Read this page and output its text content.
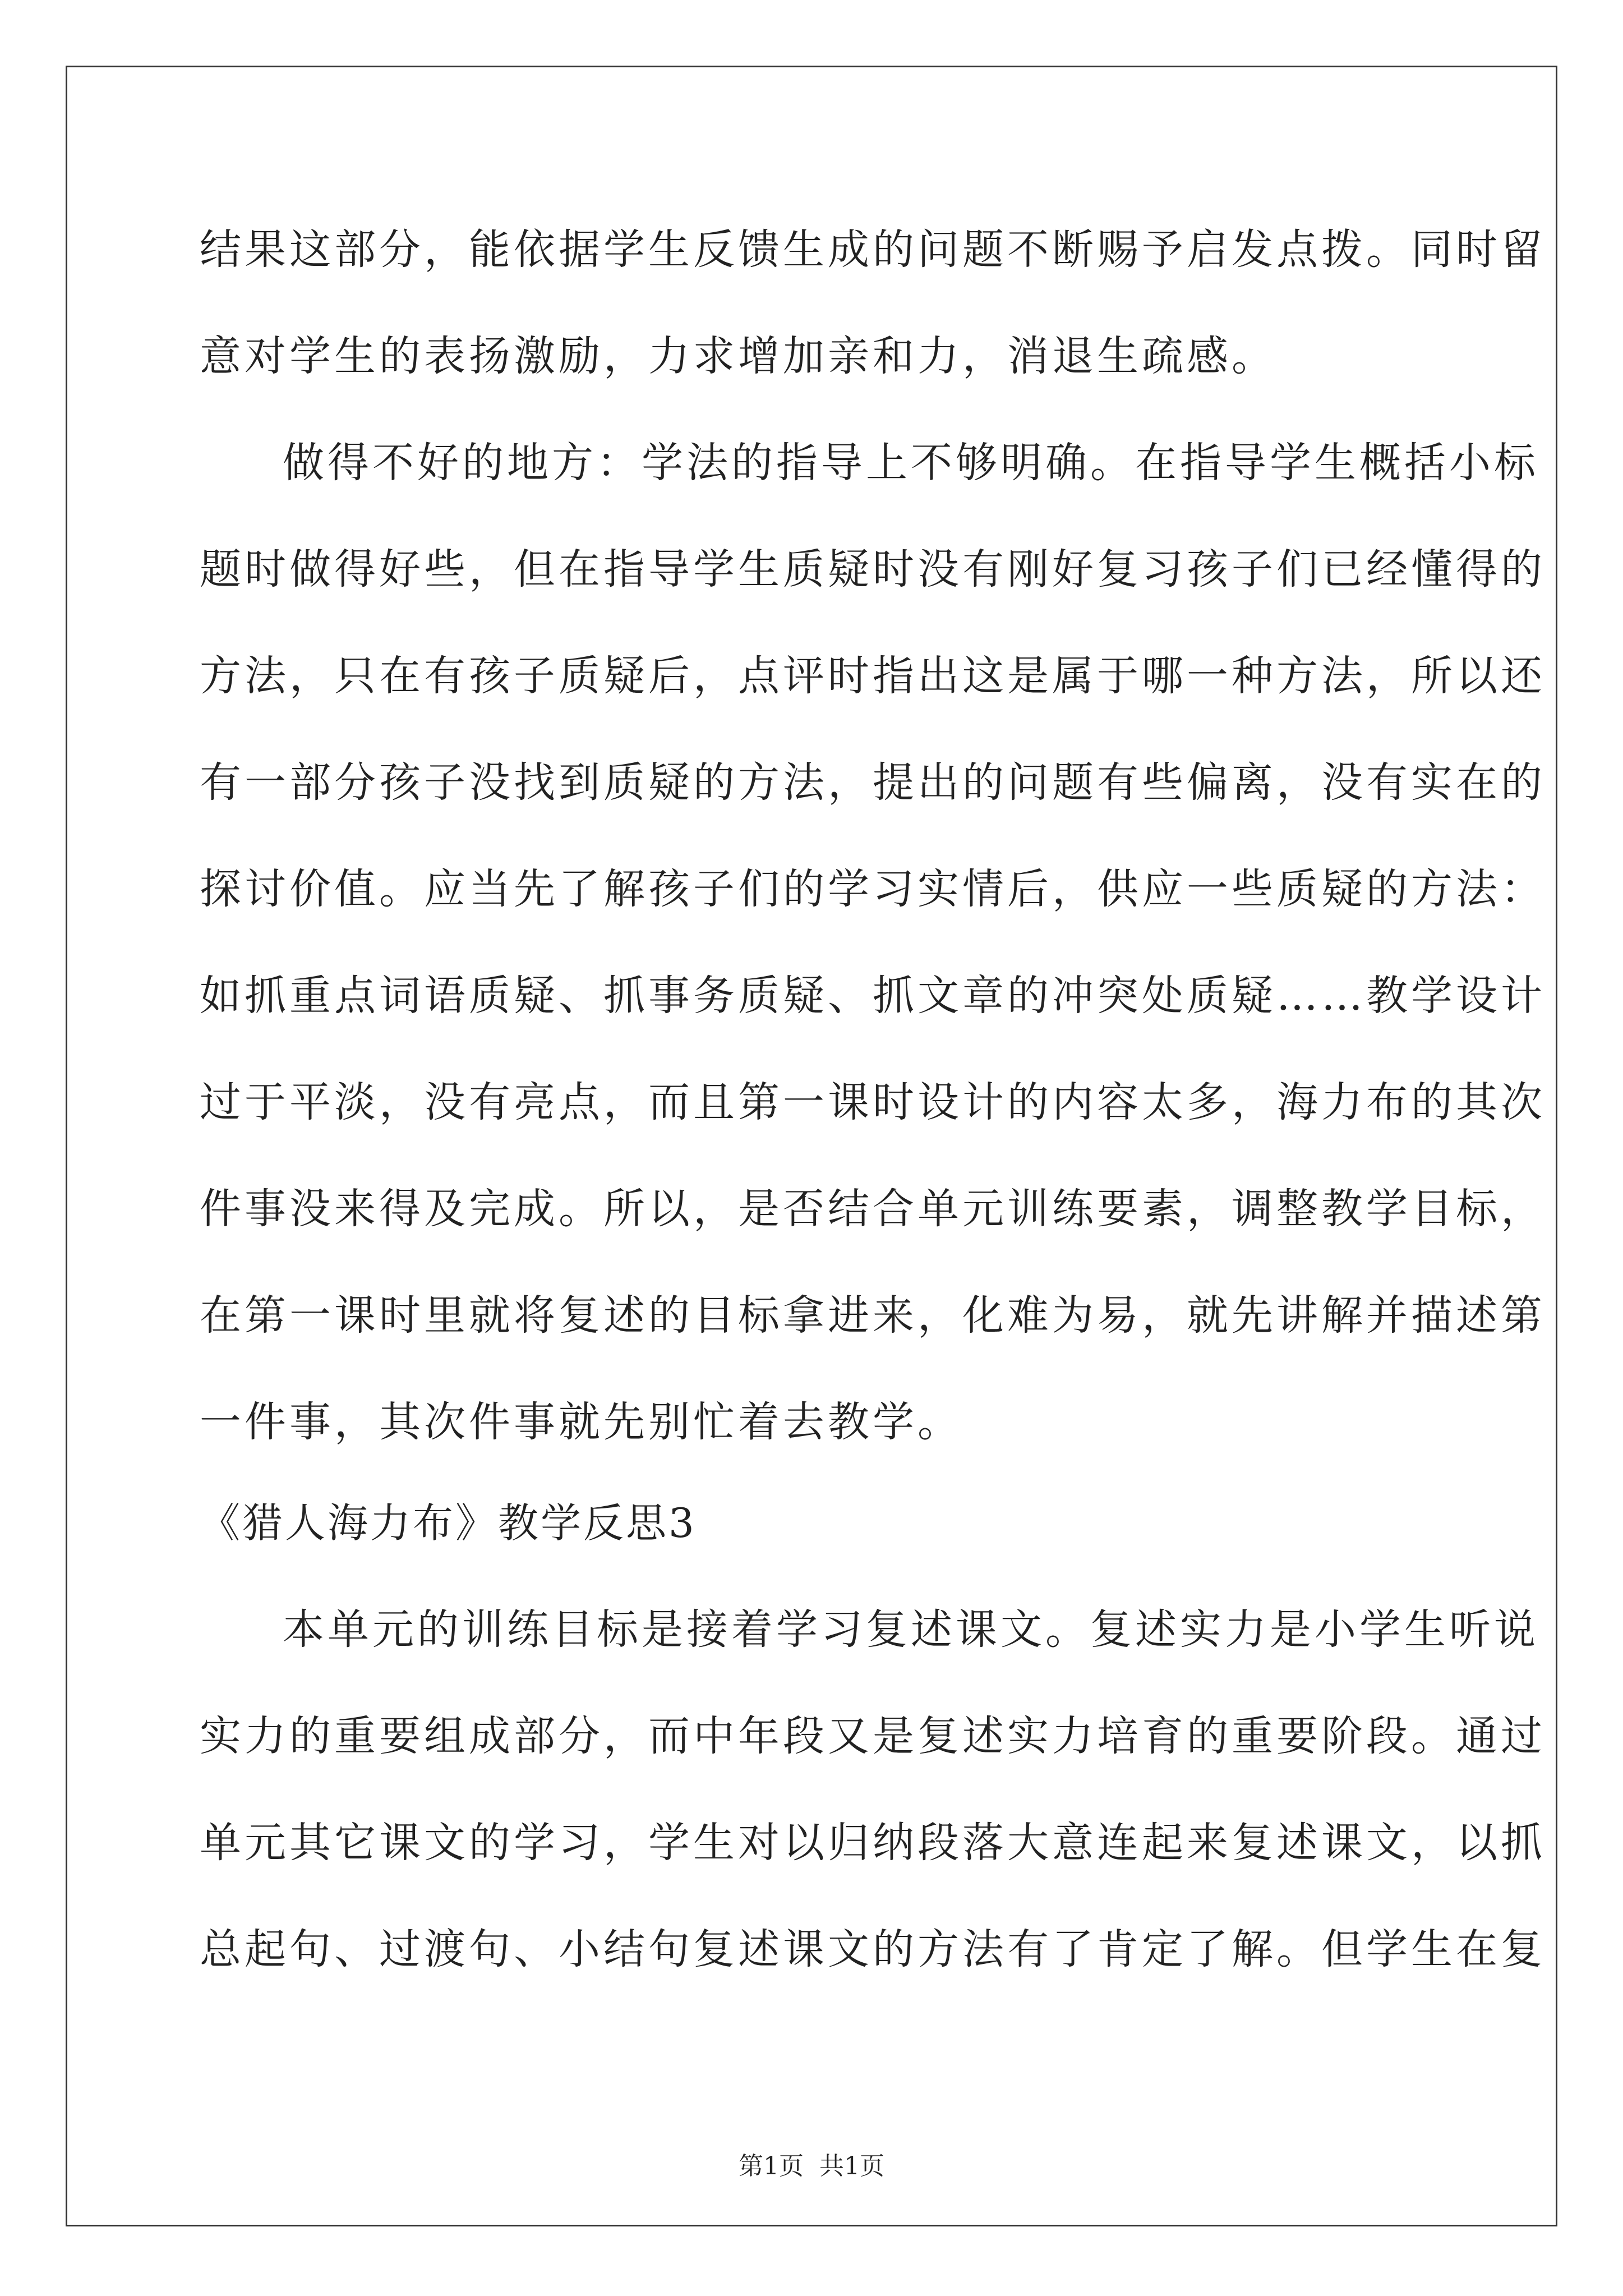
结果这部分，能依据学生反馈生成的问题不断赐予启发点拨。同时留
意对学生的表扬激励，力求增加亲和力，消退生疏感。
做得不好的地方：学法的指导上不够明确。在指导学生概括小标
题时做得好些，但在指导学生质疑时没有刚好复习孩子们已经懂得的
方法，只在有孩子质疑后，点评时指出这是属于哪一种方法，所以还
有一部分孩子没找到质疑的方法，提出的问题有些偏离，没有实在的
探讨价值。应当先了解孩子们的学习实情后，供应一些质疑的方法：
如抓重点词语质疑、抓事务质疑、抓文章的冲突处质疑……教学设计
过于平淡，没有亮点，而且第一课时设计的内容太多，海力布的其次
件事没来得及完成。所以，是否结合单元训练要素，调整教学目标，
在第一课时里就将复述的目标拿进来，化难为易，就先讲解并描述第
一件事，其次件事就先别忙着去教学。
《猎人海力布》教学反思3
本单元的训练目标是接着学习复述课文。复述实力是小学生听说
实力的重要组成部分，而中年段又是复述实力培育的重要阶段。通过
单元其它课文的学习，学生对以归纳段落大意连起来复述课文，以抓
总起句、过渡句、小结句复述课文的方法有了肯定了解。但学生在复
第1页 共1页
